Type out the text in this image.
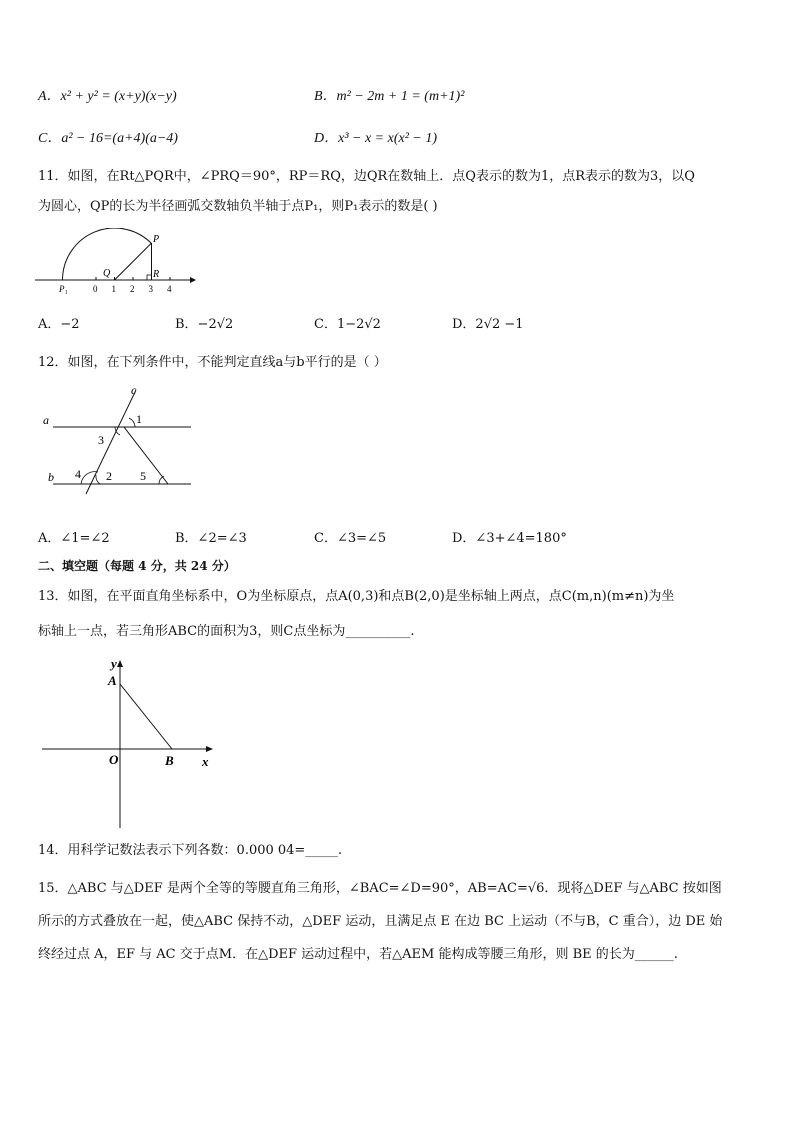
A．x² + y² = (x+y)(x−y)	B．m² − 2m + 1 = (m+1)²
C．a² − 16=(a+4)(a−4)	D．x³ − x = x(x² − 1)
11．如图，在Rt△PQR中，∠PRQ＝90°，RP＝RQ，边QR在数轴上．点Q表示的数为1，点R表示的数为3，以Q
为圆心，QP的长为半径画弧交数轴负半轴于点P₁，则P₁表示的数是( )
P
Q	R
P₁	0 1 2 3 4
A．−2	B．−2√2	C．1−2√2	D．2√2 −1
12．如图，在下列条件中，不能判定直线a与b平行的是（ ）
a
b
c
1
3
4 2 5
A．∠1=∠2	B．∠2=∠3	C．∠3=∠5	D．∠3+∠4=180°
二、填空题（每题 4 分，共 24 分）
13．如图，在平面直角坐标系中，O为坐标原点，点A(0,3)和点B(2,0)是坐标轴上两点，点C(m,n)(m≠n)为坐
标轴上一点，若三角形ABC的面积为3，则C点坐标为__________.
y
A
O	B x
14．用科学记数法表示下列各数：0.000 04=_____.
15．△ABC 与△DEF 是两个全等的等腰直角三角形，∠BAC=∠D=90°，AB=AC=√6．现将△DEF 与△ABC 按如图
所示的方式叠放在一起，使△ABC 保持不动，△DEF 运动，且满足点 E 在边 BC 上运动（不与B，C 重合），边 DE 始
终经过点 A，EF 与 AC 交于点M．在△DEF 运动过程中，若△AEM 能构成等腰三角形，则 BE 的长为______.
